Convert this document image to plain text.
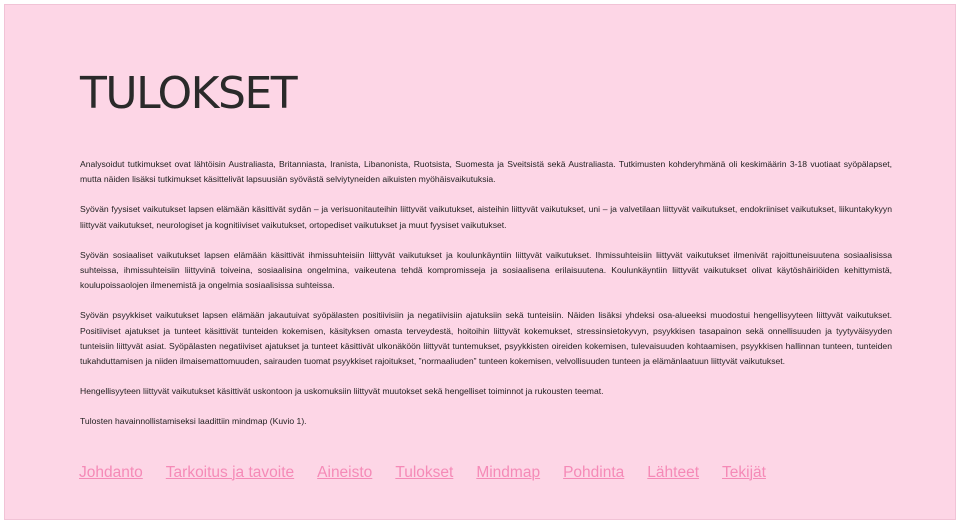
TULOKSET

Analysoidut tutkimukset ovat lähtöisin Australiasta, Britanniasta, Iranista, Libanonista, Ruotsista, Suomesta ja Sveitsistä sekä Australiasta. Tutkimusten kohderyhmänä oli keskimäärin 3-18 vuotiaat syöpälapset, mutta näiden lisäksi tutkimukset käsittelivät lapsuusiän syövästä selviytyneiden aikuisten myöhäisvaikutuksia.

Syövän fyysiset vaikutukset lapsen elämään käsittivät sydän – ja verisuonitauteihin liittyvät vaikutukset, aisteihin liittyvät vaikutukset, uni – ja valvetilaan liittyvät vaikutukset, endokriiniset vaikutukset, liikuntakykyyn liittyvät vaikutukset, neurologiset ja kognitiiviset vaikutukset, ortopediset vaikutukset ja muut fyysiset vaikutukset.

Syövän sosiaaliset vaikutukset lapsen elämään käsittivät ihmissuhteisiin liittyvät vaikutukset ja koulunkäyntiin liittyvät vaikutukset. Ihmissuhteisiin liittyvät vaikutukset ilmenivät rajoittuneisuutena sosiaalisissa suhteissa, ihmissuhteisiin liittyvinä toiveina, sosiaalisina ongelmina, vaikeutena tehdä kompromisseja ja sosiaalisena erilaisuutena. Koulunkäyntiin liittyvät vaikutukset olivat käytöshäiriöiden kehittymistä, koulupoissaolojen ilmenemistä ja ongelmia sosiaalisissa suhteissa.

Syövän psyykkiset vaikutukset lapsen elämään jakautuivat syöpälasten positiivisiin ja negatiivisiin ajatuksiin sekä tunteisiin. Näiden lisäksi yhdeksi osa-alueeksi muodostui hengellisyyteen liittyvät vaikutukset. Positiiviset ajatukset ja tunteet käsittivät tunteiden kokemisen, käsityksen omasta terveydestä, hoitoihin liittyvät kokemukset, stressinsietokyvyn, psyykkisen tasapainon sekä onnellisuuden ja tyytyväisyyden tunteisiin liittyvät asiat. Syöpälasten negatiiviset ajatukset ja tunteet käsittivät ulkonäköön liittyvät tuntemukset, psyykkisten oireiden kokemisen, tulevaisuuden kohtaamisen, psyykkisen hallinnan tunteen, tunteiden tukahduttamisen ja niiden ilmaisemattomuuden, sairauden tuomat psyykkiset rajoitukset, ”normaaliuden” tunteen kokemisen, velvollisuuden tunteen ja elämänlaatuun liittyvät vaikutukset.

Hengellisyyteen liittyvät vaikutukset käsittivät uskontoon ja uskomuksiin liittyvät muutokset sekä hengelliset toiminnot ja rukousten teemat.

Tulosten havainnollistamiseksi laadittiin mindmap (Kuvio 1).

Johdanto Tarkoitus ja tavoite Aineisto Tulokset Mindmap Pohdinta Lähteet Tekijät
